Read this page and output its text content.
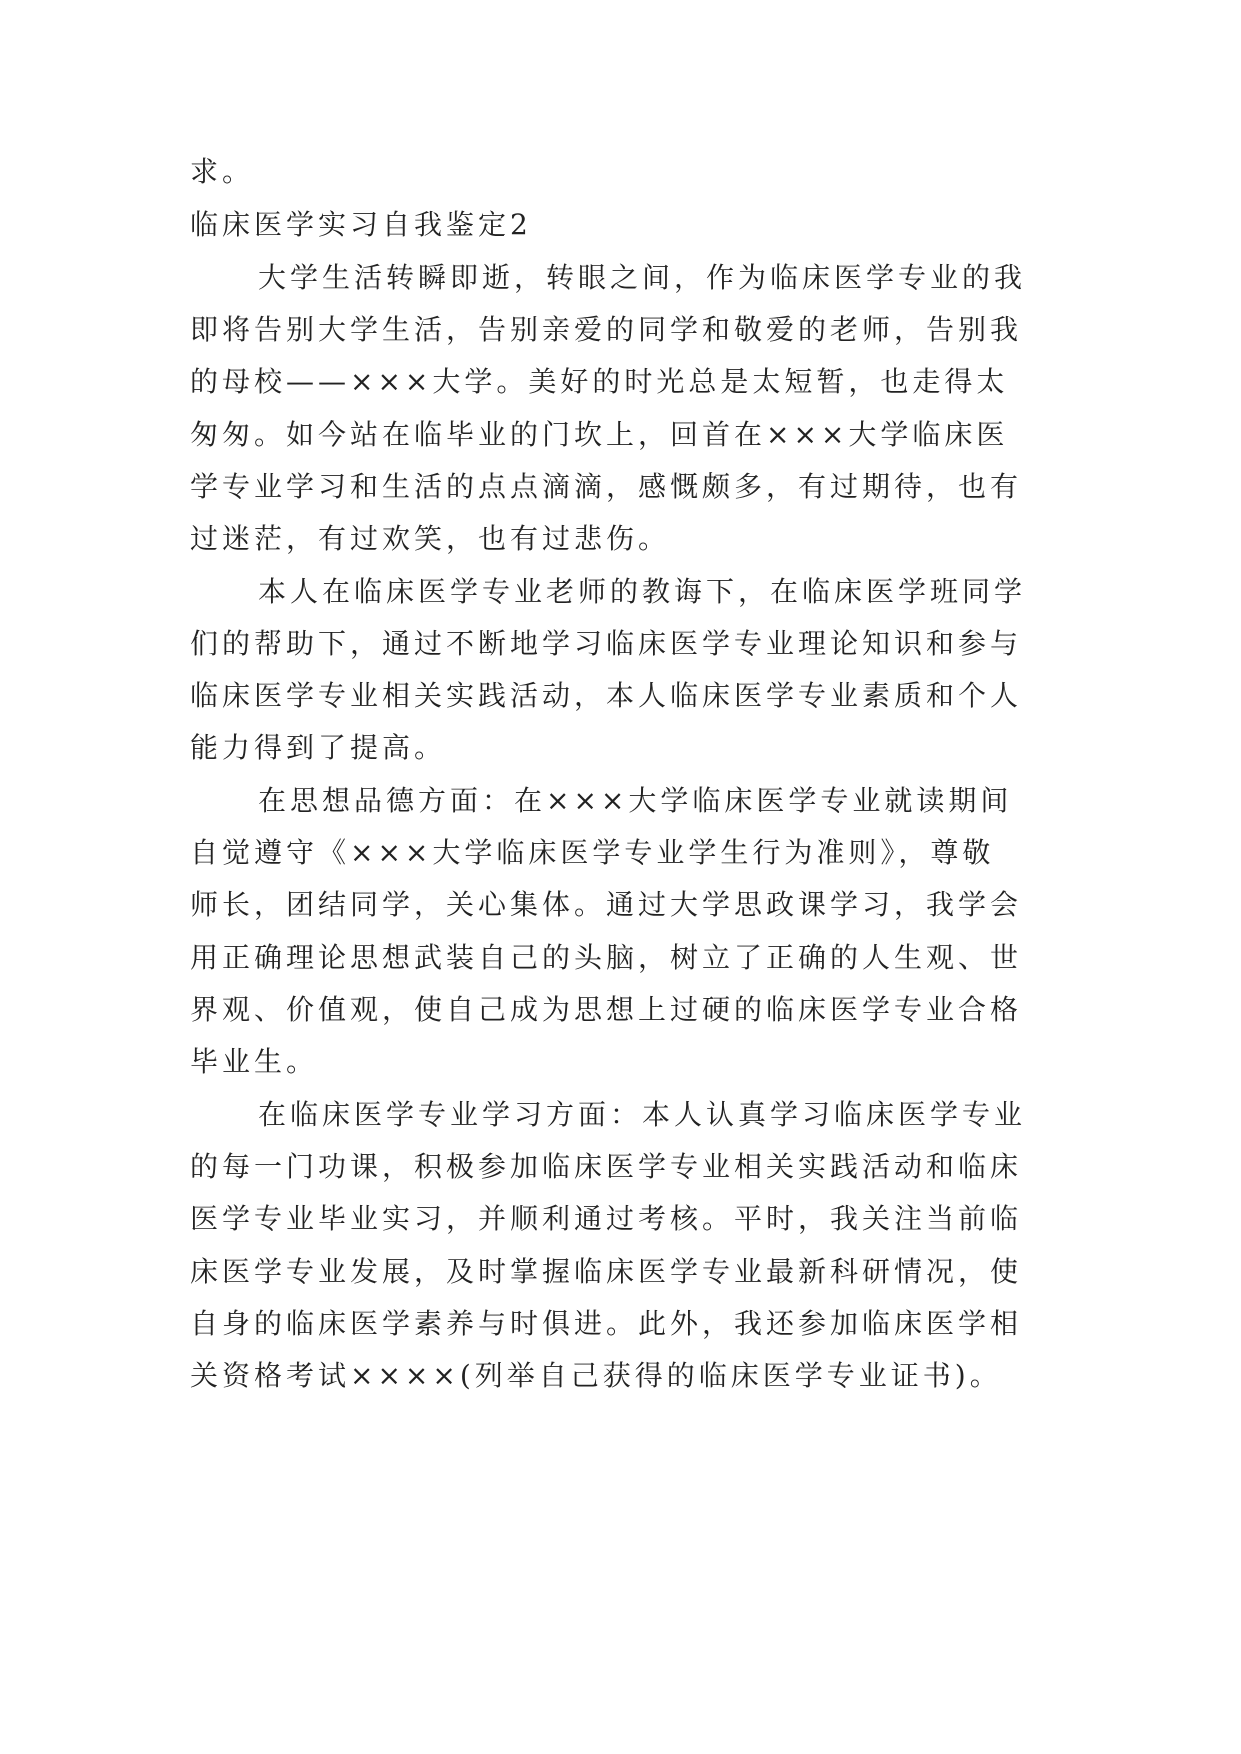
求。
临床医学实习自我鉴定2
大学生活转瞬即逝，转眼之间，作为临床医学专业的我
即将告别大学生活，告别亲爱的同学和敬爱的老师，告别我
的母校——×××大学。美好的时光总是太短暂，也走得太
匆匆。如今站在临毕业的门坎上，回首在×××大学临床医
学专业学习和生活的点点滴滴，感慨颇多，有过期待，也有
过迷茫，有过欢笑，也有过悲伤。
本人在临床医学专业老师的教诲下，在临床医学班同学
们的帮助下，通过不断地学习临床医学专业理论知识和参与
临床医学专业相关实践活动，本人临床医学专业素质和个人
能力得到了提高。
在思想品德方面：在×××大学临床医学专业就读期间
自觉遵守《×××大学临床医学专业学生行为准则》，尊敬
师长，团结同学，关心集体。通过大学思政课学习，我学会
用正确理论思想武装自己的头脑，树立了正确的人生观、世
界观、价值观，使自己成为思想上过硬的临床医学专业合格
毕业生。
在临床医学专业学习方面：本人认真学习临床医学专业
的每一门功课，积极参加临床医学专业相关实践活动和临床
医学专业毕业实习，并顺利通过考核。平时，我关注当前临
床医学专业发展，及时掌握临床医学专业最新科研情况，使
自身的临床医学素养与时俱进。此外，我还参加临床医学相
关资格考试××××(列举自己获得的临床医学专业证书)。
